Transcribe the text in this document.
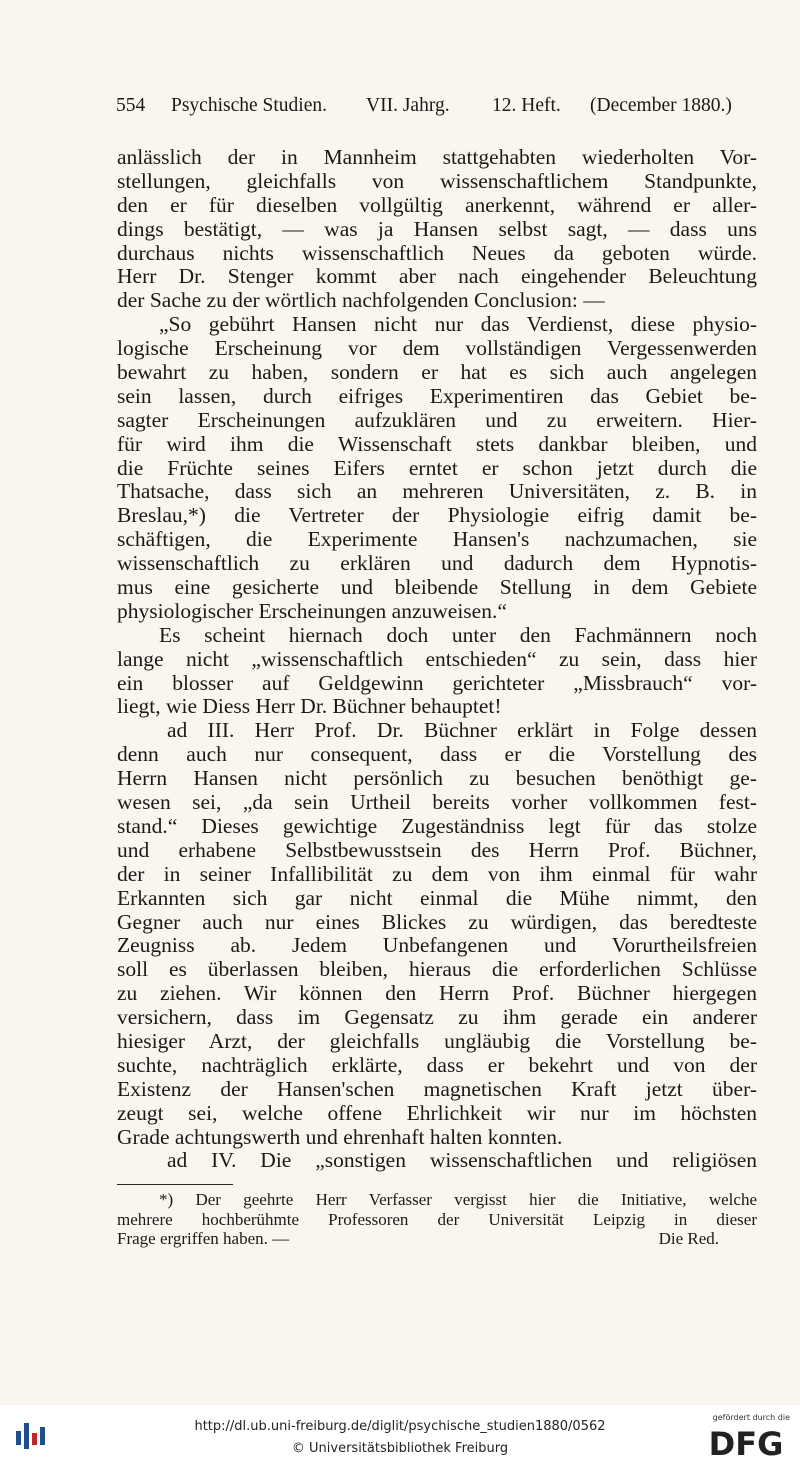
554 Psychische Studien. VII. Jahrg. 12. Heft. (December 1880.)
anlässlich der in Mannheim stattgehabten wiederholten Vor-
stellungen, gleichfalls von wissenschaftlichem Standpunkte,
den er für dieselben vollgültig anerkennt, während er aller-
dings bestätigt, — was ja Hansen selbst sagt, — dass uns
durchaus nichts wissenschaftlich Neues da geboten würde.
Herr Dr. Stenger kommt aber nach eingehender Beleuchtung
der Sache zu der wörtlich nachfolgenden Conclusion: —
„So gebührt Hansen nicht nur das Verdienst, diese physio-
logische Erscheinung vor dem vollständigen Vergessenwerden
bewahrt zu haben, sondern er hat es sich auch angelegen
sein lassen, durch eifriges Experimentiren das Gebiet be-
sagter Erscheinungen aufzuklären und zu erweitern. Hier-
für wird ihm die Wissenschaft stets dankbar bleiben, und
die Früchte seines Eifers erntet er schon jetzt durch die
Thatsache, dass sich an mehreren Universitäten, z. B. in
Breslau,*) die Vertreter der Physiologie eifrig damit be-
schäftigen, die Experimente Hansen's nachzumachen, sie
wissenschaftlich zu erklären und dadurch dem Hypnotis-
mus eine gesicherte und bleibende Stellung in dem Gebiete
physiologischer Erscheinungen anzuweisen.“
Es scheint hiernach doch unter den Fachmännern noch
lange nicht „wissenschaftlich entschieden“ zu sein, dass hier
ein blosser auf Geldgewinn gerichteter „Missbrauch“ vor-
liegt, wie Diess Herr Dr. Büchner behauptet!
ad III. Herr Prof. Dr. Büchner erklärt in Folge dessen
denn auch nur consequent, dass er die Vorstellung des
Herrn Hansen nicht persönlich zu besuchen benöthigt ge-
wesen sei, „da sein Urtheil bereits vorher vollkommen fest-
stand.“ Dieses gewichtige Zugeständniss legt für das stolze
und erhabene Selbstbewusstsein des Herrn Prof. Büchner,
der in seiner Infallibilität zu dem von ihm einmal für wahr
Erkannten sich gar nicht einmal die Mühe nimmt, den
Gegner auch nur eines Blickes zu würdigen, das beredteste
Zeugniss ab. Jedem Unbefangenen und Vorurtheilsfreien
soll es überlassen bleiben, hieraus die erforderlichen Schlüsse
zu ziehen. Wir können den Herrn Prof. Büchner hiergegen
versichern, dass im Gegensatz zu ihm gerade ein anderer
hiesiger Arzt, der gleichfalls ungläubig die Vorstellung be-
suchte, nachträglich erklärte, dass er bekehrt und von der
Existenz der Hansen'schen magnetischen Kraft jetzt über-
zeugt sei, welche offene Ehrlichkeit wir nur im höchsten
Grade achtungswerth und ehrenhaft halten konnten.
ad IV. Die „sonstigen wissenschaftlichen und religiösen
*) Der geehrte Herr Verfasser vergisst hier die Initiative, welche
mehrere hochberühmte Professoren der Universität Leipzig in dieser
Frage ergriffen haben. —	Die Red.
http://dl.ub.uni-freiburg.de/diglit/psychische_studien1880/0562
© Universitätsbibliothek Freiburg
gefördert durch die
DFG
